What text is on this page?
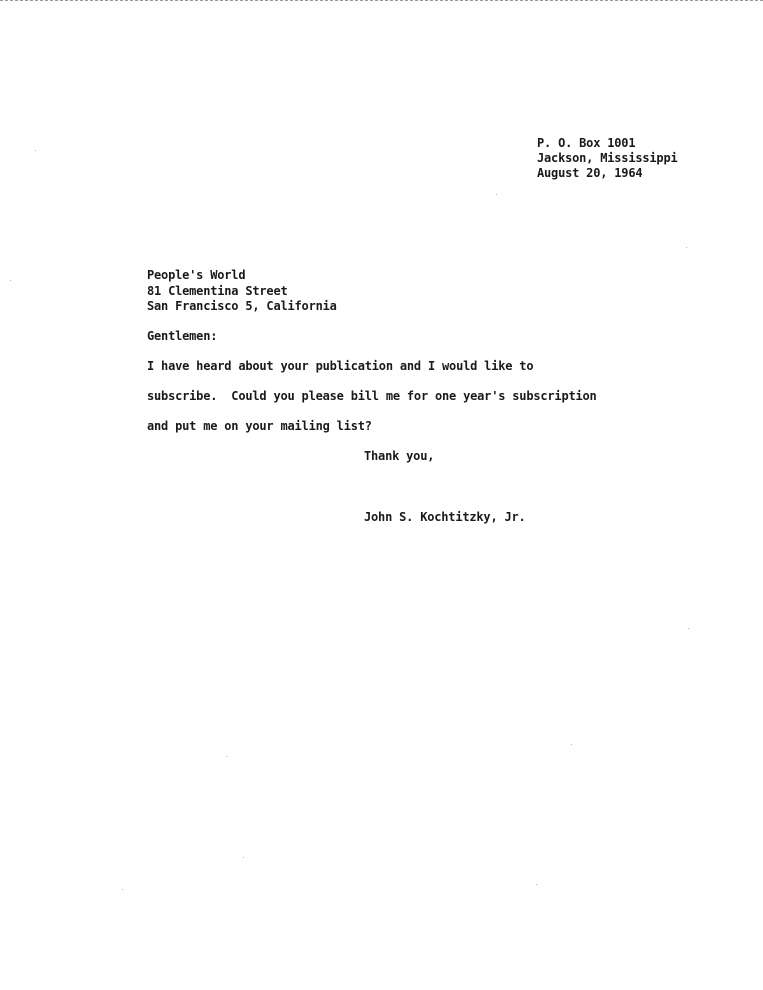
P. O. Box 1001
Jackson, Mississippi
August 20, 1964
People's World
81 Clementina Street
San Francisco 5, California
Gentlemen:
I have heard about your publication and I would like to
subscribe.  Could you please bill me for one year's subscription
and put me on your mailing list?
Thank you,
John S. Kochtitzky, Jr.
